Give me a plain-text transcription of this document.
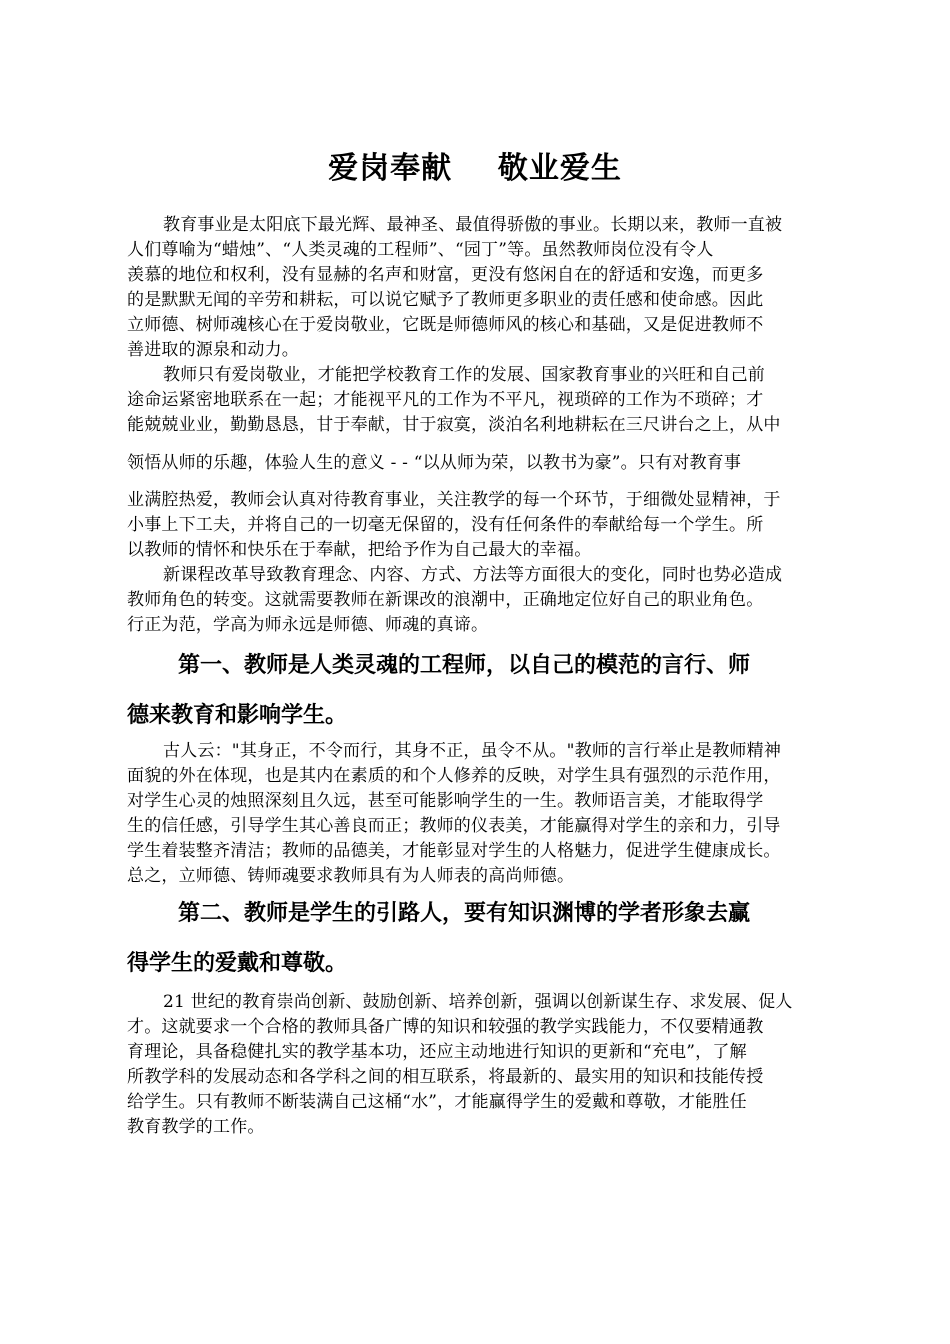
爱岗奉献    敬业爱生
教育事业是太阳底下最光辉、最神圣、最值得骄傲的事业。长期以来，教师一直被
人们尊喻为“蜡烛”、“人类灵魂的工程师”、“园丁”等。虽然教师岗位没有令人
羡慕的地位和权利，没有显赫的名声和财富，更没有悠闲自在的舒适和安逸，而更多
的是默默无闻的辛劳和耕耘，可以说它赋予了教师更多职业的责任感和使命感。因此
立师德、树师魂核心在于爱岗敬业，它既是师德师风的核心和基础，又是促进教师不
善进取的源泉和动力。
教师只有爱岗敬业，才能把学校教育工作的发展、国家教育事业的兴旺和自己前
途命运紧密地联系在一起；才能视平凡的工作为不平凡，视琐碎的工作为不琐碎；才
能兢兢业业，勤勤恳恳，甘于奉献，甘于寂寞，淡泊名利地耕耘在三尺讲台之上，从中
领悟从师的乐趣，体验人生的意义 - - “以从师为荣，以教书为豪”。只有对教育事
业满腔热爱，教师会认真对待教育事业，关注教学的每一个环节，于细微处显精神，于
小事上下工夫，并将自己的一切毫无保留的，没有任何条件的奉献给每一个学生。所
以教师的情怀和快乐在于奉献，把给予作为自己最大的幸福。
新课程改革导致教育理念、内容、方式、方法等方面很大的变化，同时也势必造成
教师角色的转变。这就需要教师在新课改的浪潮中，正确地定位好自己的职业角色。
行正为范，学高为师永远是师德、师魂的真谛。
第一、教师是人类灵魂的工程师，以自己的模范的言行、师
德来教育和影响学生。
古人云："其身正，不令而行，其身不正，虽令不从。"教师的言行举止是教师精神
面貌的外在体现，也是其内在素质的和个人修养的反映，对学生具有强烈的示范作用，
对学生心灵的烛照深刻且久远，甚至可能影响学生的一生。教师语言美，才能取得学
生的信任感，引导学生其心善良而正；教师的仪表美，才能赢得对学生的亲和力，引导
学生着装整齐清洁；教师的品德美，才能彰显对学生的人格魅力，促进学生健康成长。
总之，立师德、铸师魂要求教师具有为人师表的高尚师德。
第二、教师是学生的引路人，要有知识渊博的学者形象去赢
得学生的爱戴和尊敬。
21 世纪的教育崇尚创新、鼓励创新、培养创新，强调以创新谋生存、求发展、促人
才。这就要求一个合格的教师具备广博的知识和较强的教学实践能力，不仅要精通教
育理论，具备稳健扎实的教学基本功，还应主动地进行知识的更新和“充电”，了解
所教学科的发展动态和各学科之间的相互联系，将最新的、最实用的知识和技能传授
给学生。只有教师不断装满自己这桶“水”，才能赢得学生的爱戴和尊敬，才能胜任
教育教学的工作。
